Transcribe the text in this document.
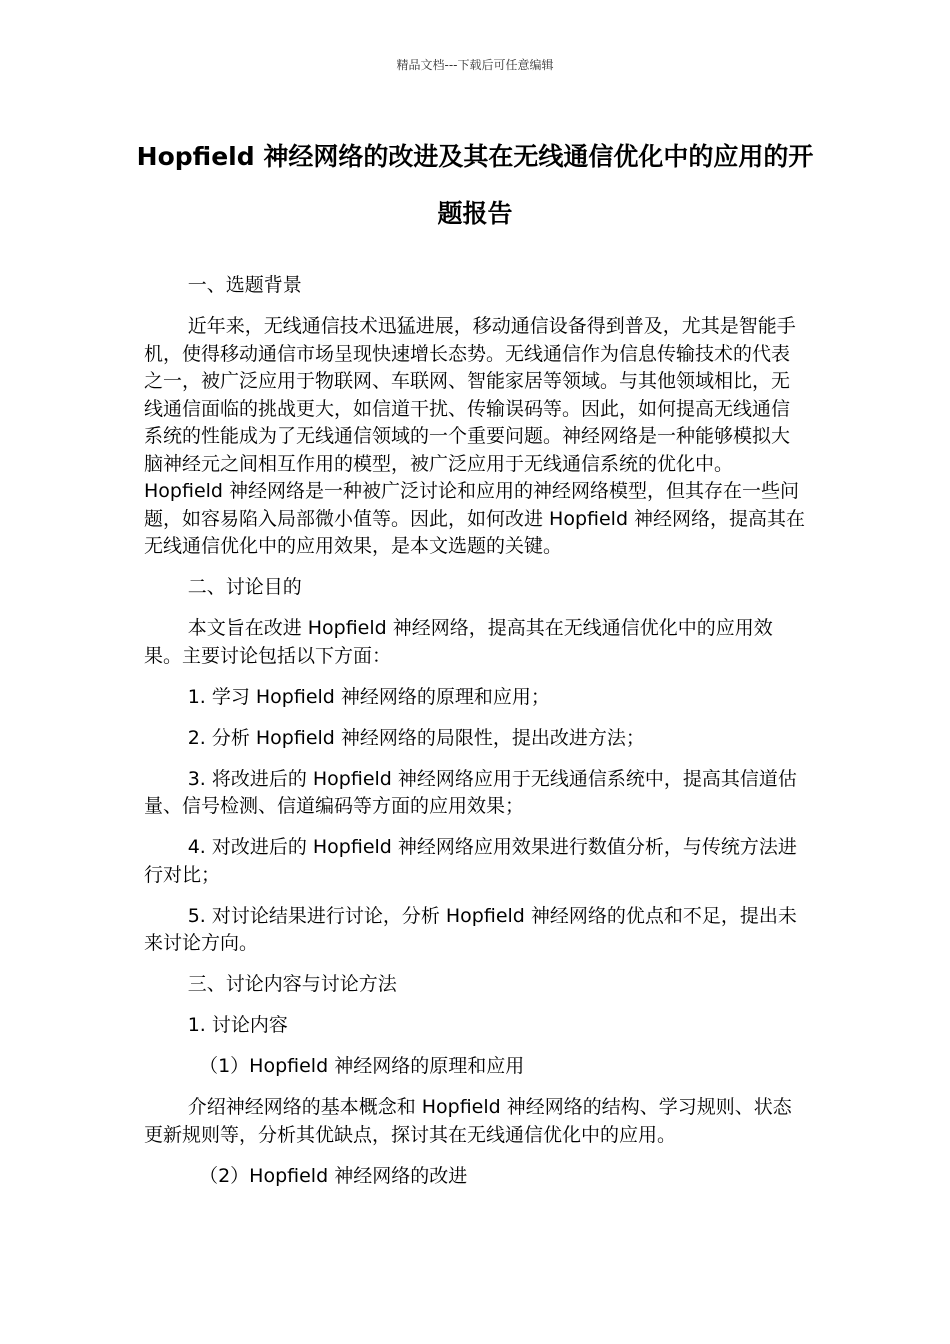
精品文档---下载后可任意编辑
Hopfield 神经网络的改进及其在无线通信优化中的应用的开题报告

一、选题背景

近年来，无线通信技术迅猛进展，移动通信设备得到普及，尤其是智能手机，使得移动通信市场呈现快速增长态势。无线通信作为信息传输技术的代表之一，被广泛应用于物联网、车联网、智能家居等领域。与其他领域相比，无线通信面临的挑战更大，如信道干扰、传输误码等。因此，如何提高无线通信系统的性能成为了无线通信领域的一个重要问题。神经网络是一种能够模拟大脑神经元之间相互作用的模型，被广泛应用于无线通信系统的优化中。Hopfield 神经网络是一种被广泛讨论和应用的神经网络模型，但其存在一些问题，如容易陷入局部微小值等。因此，如何改进 Hopfield 神经网络，提高其在无线通信优化中的应用效果，是本文选题的关键。

二、讨论目的

本文旨在改进 Hopfield 神经网络，提高其在无线通信优化中的应用效果。主要讨论包括以下方面：

1. 学习 Hopfield 神经网络的原理和应用；

2. 分析 Hopfield 神经网络的局限性，提出改进方法；

3. 将改进后的 Hopfield 神经网络应用于无线通信系统中，提高其信道估量、信号检测、信道编码等方面的应用效果；

4. 对改进后的 Hopfield 神经网络应用效果进行数值分析，与传统方法进行对比；

5. 对讨论结果进行讨论，分析 Hopfield 神经网络的优点和不足，提出未来讨论方向。

三、讨论内容与讨论方法

1. 讨论内容

（1）Hopfield 神经网络的原理和应用

介绍神经网络的基本概念和 Hopfield 神经网络的结构、学习规则、状态更新规则等，分析其优缺点，探讨其在无线通信优化中的应用。

（2）Hopfield 神经网络的改进
